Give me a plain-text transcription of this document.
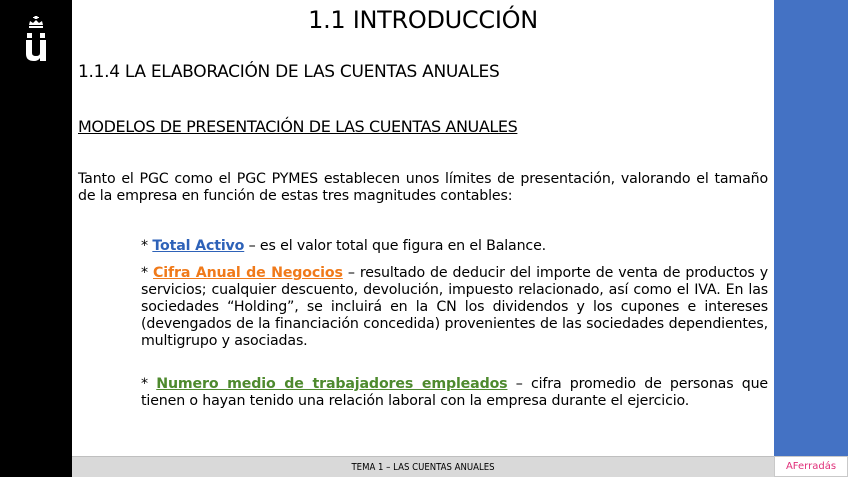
1.1 INTRODUCCIÓN
1.1.4 LA ELABORACIÓN DE LAS CUENTAS ANUALES
MODELOS DE PRESENTACIÓN DE LAS CUENTAS ANUALES
Tanto el PGC como el PGC PYMES establecen unos límites de presentación, valorando el tamaño de la empresa en función de estas tres magnitudes contables:
* Total Activo – es el valor total que figura en el Balance.
* Cifra Anual de Negocios – resultado de deducir del importe de venta de productos y servicios; cualquier descuento, devolución, impuesto relacionado, así como el IVA. En las sociedades “Holding”, se incluirá en la CN los dividendos y los cupones e intereses (devengados de la financiación concedida) provenientes de las sociedades dependientes, multigrupo y asociadas.
* Numero medio de trabajadores empleados – cifra promedio de personas que tienen o hayan tenido una relación laboral con la empresa durante el ejercicio.
TEMA 1 – LAS CUENTAS ANUALES	AFerradás
